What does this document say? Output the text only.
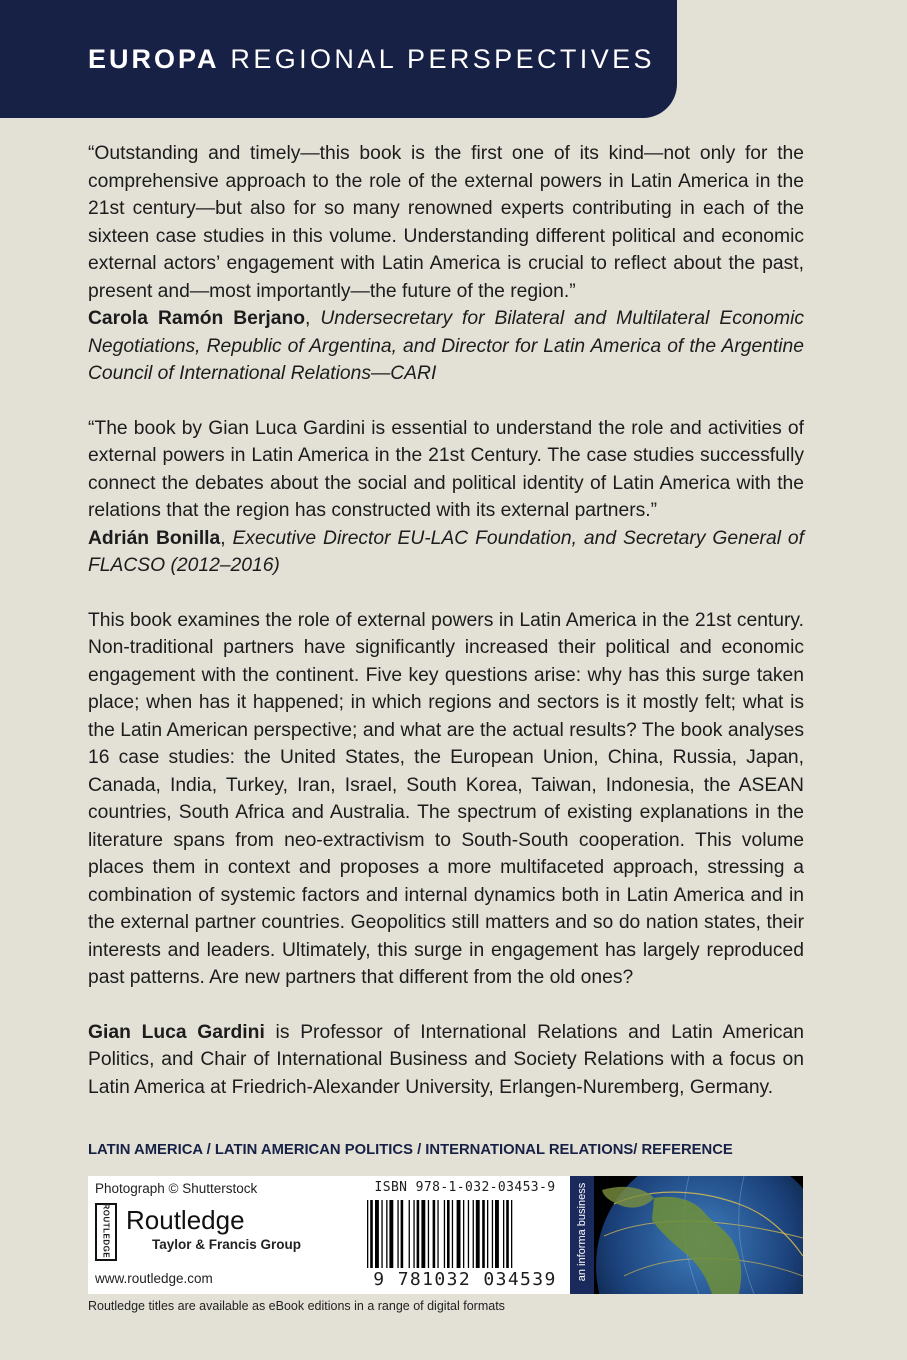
EUROPA REGIONAL PERSPECTIVES

“Outstanding and timely—this book is the first one of its kind—not only for the comprehensive approach to the role of the external powers in Latin America in the 21st century—but also for so many renowned experts contributing in each of the sixteen case studies in this volume. Understanding different political and economic external actors’ engagement with Latin America is crucial to reflect about the past, present and—most importantly—the future of the region.”

Carola Ramón Berjano, Undersecretary for Bilateral and Multilateral Economic Negotiations, Republic of Argentina, and Director for Latin America of the Argentine Council of International Relations—CARI

“The book by Gian Luca Gardini is essential to understand the role and activities of external powers in Latin America in the 21st Century. The case studies successfully connect the debates about the social and political identity of Latin America with the relations that the region has constructed with its external partners.”

Adrián Bonilla, Executive Director EU-LAC Foundation, and Secretary General of FLACSO (2012–2016)

This book examines the role of external powers in Latin America in the 21st century. Non-traditional partners have significantly increased their political and economic engagement with the continent. Five key questions arise: why has this surge taken place; when has it happened; in which regions and sectors is it mostly felt; what is the Latin American perspective; and what are the actual results? The book analyses 16 case studies: the United States, the European Union, China, Russia, Japan, Canada, India, Turkey, Iran, Israel, South Korea, Taiwan, Indonesia, the ASEAN countries, South Africa and Australia. The spectrum of existing explanations in the literature spans from neo-extractivism to South-South cooperation. This volume places them in context and proposes a more multifaceted approach, stressing a combination of systemic factors and internal dynamics both in Latin America and in the external partner countries. Geopolitics still matters and so do nation states, their interests and leaders. Ultimately, this surge in engagement has largely reproduced past patterns. Are new partners that different from the old ones?

Gian Luca Gardini is Professor of International Relations and Latin American Politics, and Chair of International Business and Society Relations with a focus on Latin America at Friedrich-Alexander University, Erlangen-Nuremberg, Germany.

LATIN AMERICA / LATIN AMERICAN POLITICS / INTERNATIONAL RELATIONS/ REFERENCE
Photograph © Shutterstock
ROUTLEDGE Routledge
Taylor & Francis Group
www.routledge.com
ISBN 978-1-032-03453-9
9 781032 034539	an informa business
Routledge titles are available as eBook editions in a range of digital formats
